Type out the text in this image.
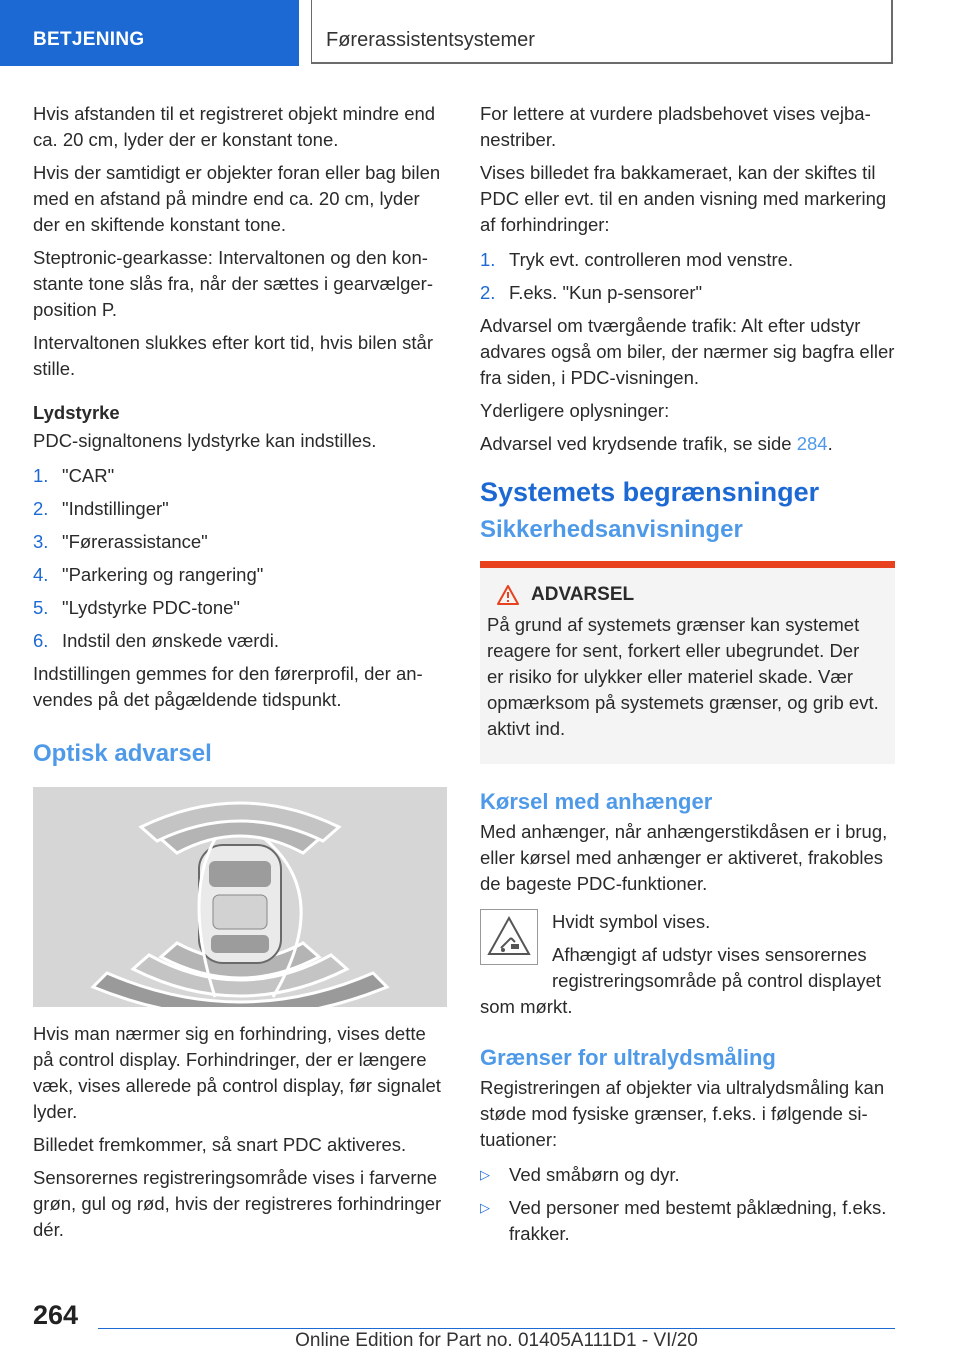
BETJENING	Førerassistentsystemer

Hvis afstanden til et registreret objekt mindre end ca. 20 cm, lyder der er konstant tone.

Hvis der samtidigt er objekter foran eller bag bilen med en afstand på mindre end ca. 20 cm, lyder der en skiftende konstant tone.

Steptronic-gearkasse: Intervaltonen og den konstante tone slås fra, når der sættes i gearvælgerposition P.

Intervaltonen slukkes efter kort tid, hvis bilen står stille.

Lydstyrke

PDC-signaltonens lydstyrke kan indstilles.

1. "CAR"
2. "Indstillinger"
3. "Førerassistance"
4. "Parkering og rangering"
5. "Lydstyrke PDC-tone"
6. Indstil den ønskede værdi.

Indstillingen gemmes for den førerprofil, der anvendes på det pågældende tidspunkt.

Optisk advarsel

Hvis man nærmer sig en forhindring, vises dette på control display. Forhindringer, der er længere væk, vises allerede på control display, før signalet lyder.

Billedet fremkommer, så snart PDC aktiveres.

Sensorernes registreringsområde vises i farverne grøn, gul og rød, hvis der registreres forhindringer dér.

For lettere at vurdere pladsbehovet vises vejbanestriber.

Vises billedet fra bakkameraet, kan der skiftes til PDC eller evt. til en anden visning med markering af forhindringer:

1. Tryk evt. controlleren mod venstre.
2. F.eks. "Kun p-sensorer"

Advarsel om tværgående trafik: Alt efter udstyr advares også om biler, der nærmer sig bagfra eller fra siden, i PDC-visningen.

Yderligere oplysninger:

Advarsel ved krydsende trafik, se side 284.

Systemets begrænsninger
Sikkerhedsanvisninger
ADVARSEL
På grund af systemets grænser kan systemet reagere for sent, forkert eller ubegrundet. Der er risiko for ulykker eller materiel skade. Vær opmærksom på systemets grænser, og grib evt. aktivt ind.
Kørsel med anhænger

Med anhænger, når anhængerstikdåsen er i brug, eller kørsel med anhænger er aktiveret, frakobles de bageste PDC-funktioner.

Hvidt symbol vises.

Afhængigt af udstyr vises sensorernes registreringsområde på control displayet

som mørkt.

Grænser for ultralydsmåling

Registreringen af objekter via ultralydsmåling kan støde mod fysiske grænser, f.eks. i følgende situationer:

▷	Ved småbørn og dyr.
▷	Ved personer med bestemt påklædning, f.eks. frakker.
264
Online Edition for Part no. 01405A111D1 - VI/20
